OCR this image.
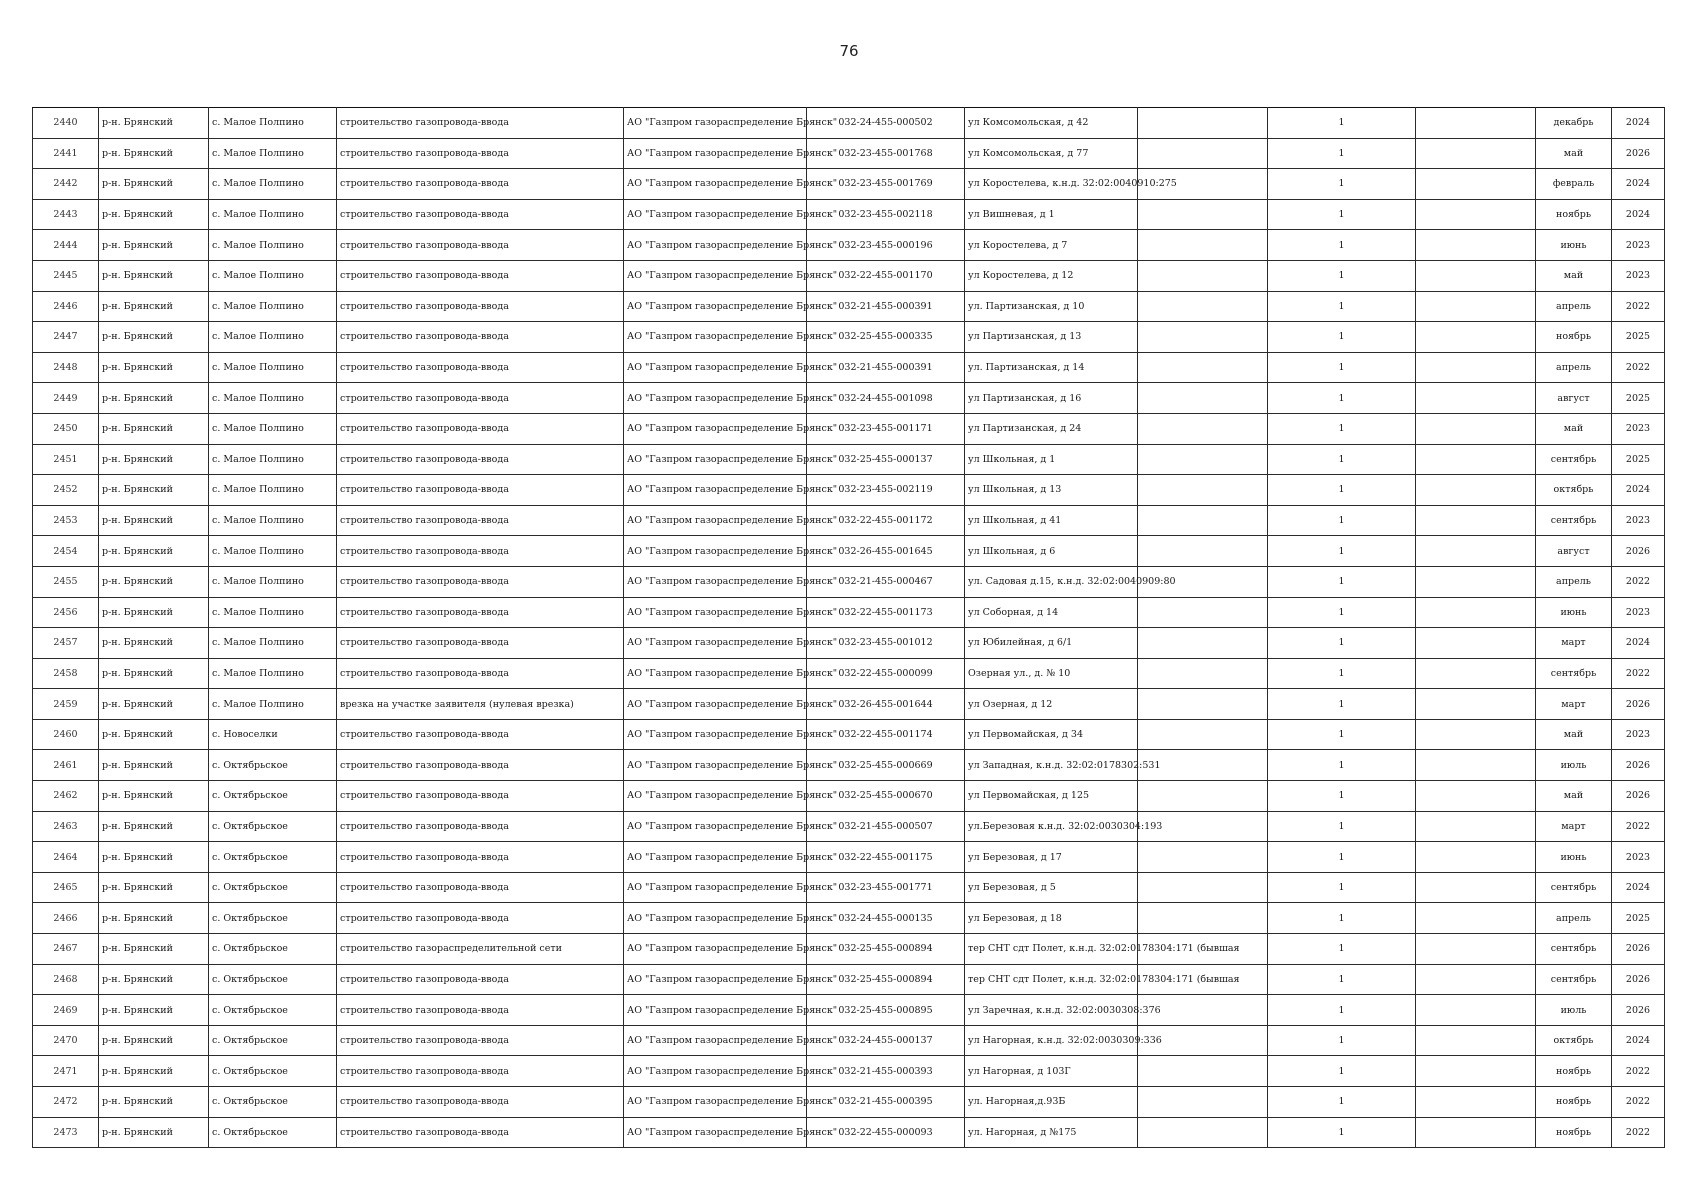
76
2440	р-н. Брянский	с. Малое Полпино	строительство газопровода-ввода	АО "Газпром газораспределение Брянск"	032-24-455-000502	ул Комсомольская, д 42		1		декабрь	2024
2441	р-н. Брянский	с. Малое Полпино	строительство газопровода-ввода	АО "Газпром газораспределение Брянск"	032-23-455-001768	ул Комсомольская, д 77		1		май	2026
2442	р-н. Брянский	с. Малое Полпино	строительство газопровода-ввода	АО "Газпром газораспределение Брянск"	032-23-455-001769	ул Коростелева, к.н.д. 32:02:0040910:275		1		февраль	2024
2443	р-н. Брянский	с. Малое Полпино	строительство газопровода-ввода	АО "Газпром газораспределение Брянск"	032-23-455-002118	ул Вишневая, д 1		1		ноябрь	2024
2444	р-н. Брянский	с. Малое Полпино	строительство газопровода-ввода	АО "Газпром газораспределение Брянск"	032-23-455-000196	ул Коростелева, д 7		1		июнь	2023
2445	р-н. Брянский	с. Малое Полпино	строительство газопровода-ввода	АО "Газпром газораспределение Брянск"	032-22-455-001170	ул Коростелева, д 12		1		май	2023
2446	р-н. Брянский	с. Малое Полпино	строительство газопровода-ввода	АО "Газпром газораспределение Брянск"	032-21-455-000391	ул. Партизанская, д 10		1		апрель	2022
2447	р-н. Брянский	с. Малое Полпино	строительство газопровода-ввода	АО "Газпром газораспределение Брянск"	032-25-455-000335	ул Партизанская, д 13		1		ноябрь	2025
2448	р-н. Брянский	с. Малое Полпино	строительство газопровода-ввода	АО "Газпром газораспределение Брянск"	032-21-455-000391	ул. Партизанская, д 14		1		апрель	2022
2449	р-н. Брянский	с. Малое Полпино	строительство газопровода-ввода	АО "Газпром газораспределение Брянск"	032-24-455-001098	ул Партизанская, д 16		1		август	2025
2450	р-н. Брянский	с. Малое Полпино	строительство газопровода-ввода	АО "Газпром газораспределение Брянск"	032-23-455-001171	ул Партизанская, д 24		1		май	2023
2451	р-н. Брянский	с. Малое Полпино	строительство газопровода-ввода	АО "Газпром газораспределение Брянск"	032-25-455-000137	ул Школьная, д 1		1		сентябрь	2025
2452	р-н. Брянский	с. Малое Полпино	строительство газопровода-ввода	АО "Газпром газораспределение Брянск"	032-23-455-002119	ул Школьная, д 13		1		октябрь	2024
2453	р-н. Брянский	с. Малое Полпино	строительство газопровода-ввода	АО "Газпром газораспределение Брянск"	032-22-455-001172	ул Школьная, д 41		1		сентябрь	2023
2454	р-н. Брянский	с. Малое Полпино	строительство газопровода-ввода	АО "Газпром газораспределение Брянск"	032-26-455-001645	ул Школьная, д 6		1		август	2026
2455	р-н. Брянский	с. Малое Полпино	строительство газопровода-ввода	АО "Газпром газораспределение Брянск"	032-21-455-000467	ул. Садовая д.15, к.н.д. 32:02:0040909:80		1		апрель	2022
2456	р-н. Брянский	с. Малое Полпино	строительство газопровода-ввода	АО "Газпром газораспределение Брянск"	032-22-455-001173	ул Соборная, д 14		1		июнь	2023
2457	р-н. Брянский	с. Малое Полпино	строительство газопровода-ввода	АО "Газпром газораспределение Брянск"	032-23-455-001012	ул Юбилейная, д 6/1		1		март	2024
2458	р-н. Брянский	с. Малое Полпино	строительство газопровода-ввода	АО "Газпром газораспределение Брянск"	032-22-455-000099	Озерная ул., д. № 10		1		сентябрь	2022
2459	р-н. Брянский	с. Малое Полпино	врезка на участке заявителя (нулевая врезка)	АО "Газпром газораспределение Брянск"	032-26-455-001644	ул Озерная, д 12		1		март	2026
2460	р-н. Брянский	с. Новоселки	строительство газопровода-ввода	АО "Газпром газораспределение Брянск"	032-22-455-001174	ул Первомайская, д 34		1		май	2023
2461	р-н. Брянский	с. Октябрьское	строительство газопровода-ввода	АО "Газпром газораспределение Брянск"	032-25-455-000669	ул Западная, к.н.д. 32:02:0178302:531		1		июль	2026
2462	р-н. Брянский	с. Октябрьское	строительство газопровода-ввода	АО "Газпром газораспределение Брянск"	032-25-455-000670	ул Первомайская, д 125		1		май	2026
2463	р-н. Брянский	с. Октябрьское	строительство газопровода-ввода	АО "Газпром газораспределение Брянск"	032-21-455-000507	ул.Березовая к.н.д. 32:02:0030304:193		1		март	2022
2464	р-н. Брянский	с. Октябрьское	строительство газопровода-ввода	АО "Газпром газораспределение Брянск"	032-22-455-001175	ул Березовая, д 17		1		июнь	2023
2465	р-н. Брянский	с. Октябрьское	строительство газопровода-ввода	АО "Газпром газораспределение Брянск"	032-23-455-001771	ул Березовая, д 5		1		сентябрь	2024
2466	р-н. Брянский	с. Октябрьское	строительство газопровода-ввода	АО "Газпром газораспределение Брянск"	032-24-455-000135	ул Березовая, д 18		1		апрель	2025
2467	р-н. Брянский	с. Октябрьское	строительство газораспределительной сети	АО "Газпром газораспределение Брянск"	032-25-455-000894	тер СНТ сдт Полет, к.н.д. 32:02:0178304:171 (бывшая		1		сентябрь	2026
2468	р-н. Брянский	с. Октябрьское	строительство газопровода-ввода	АО "Газпром газораспределение Брянск"	032-25-455-000894	тер СНТ сдт Полет, к.н.д. 32:02:0178304:171 (бывшая		1		сентябрь	2026
2469	р-н. Брянский	с. Октябрьское	строительство газопровода-ввода	АО "Газпром газораспределение Брянск"	032-25-455-000895	ул Заречная, к.н.д. 32:02:0030308:376		1		июль	2026
2470	р-н. Брянский	с. Октябрьское	строительство газопровода-ввода	АО "Газпром газораспределение Брянск"	032-24-455-000137	ул Нагорная, к.н.д. 32:02:0030309:336		1		октябрь	2024
2471	р-н. Брянский	с. Октябрьское	строительство газопровода-ввода	АО "Газпром газораспределение Брянск"	032-21-455-000393	ул Нагорная, д 103Г		1		ноябрь	2022
2472	р-н. Брянский	с. Октябрьское	строительство газопровода-ввода	АО "Газпром газораспределение Брянск"	032-21-455-000395	ул. Нагорная,д.93Б		1		ноябрь	2022
2473	р-н. Брянский	с. Октябрьское	строительство газопровода-ввода	АО "Газпром газораспределение Брянск"	032-22-455-000093	ул. Нагорная, д №175		1		ноябрь	2022
